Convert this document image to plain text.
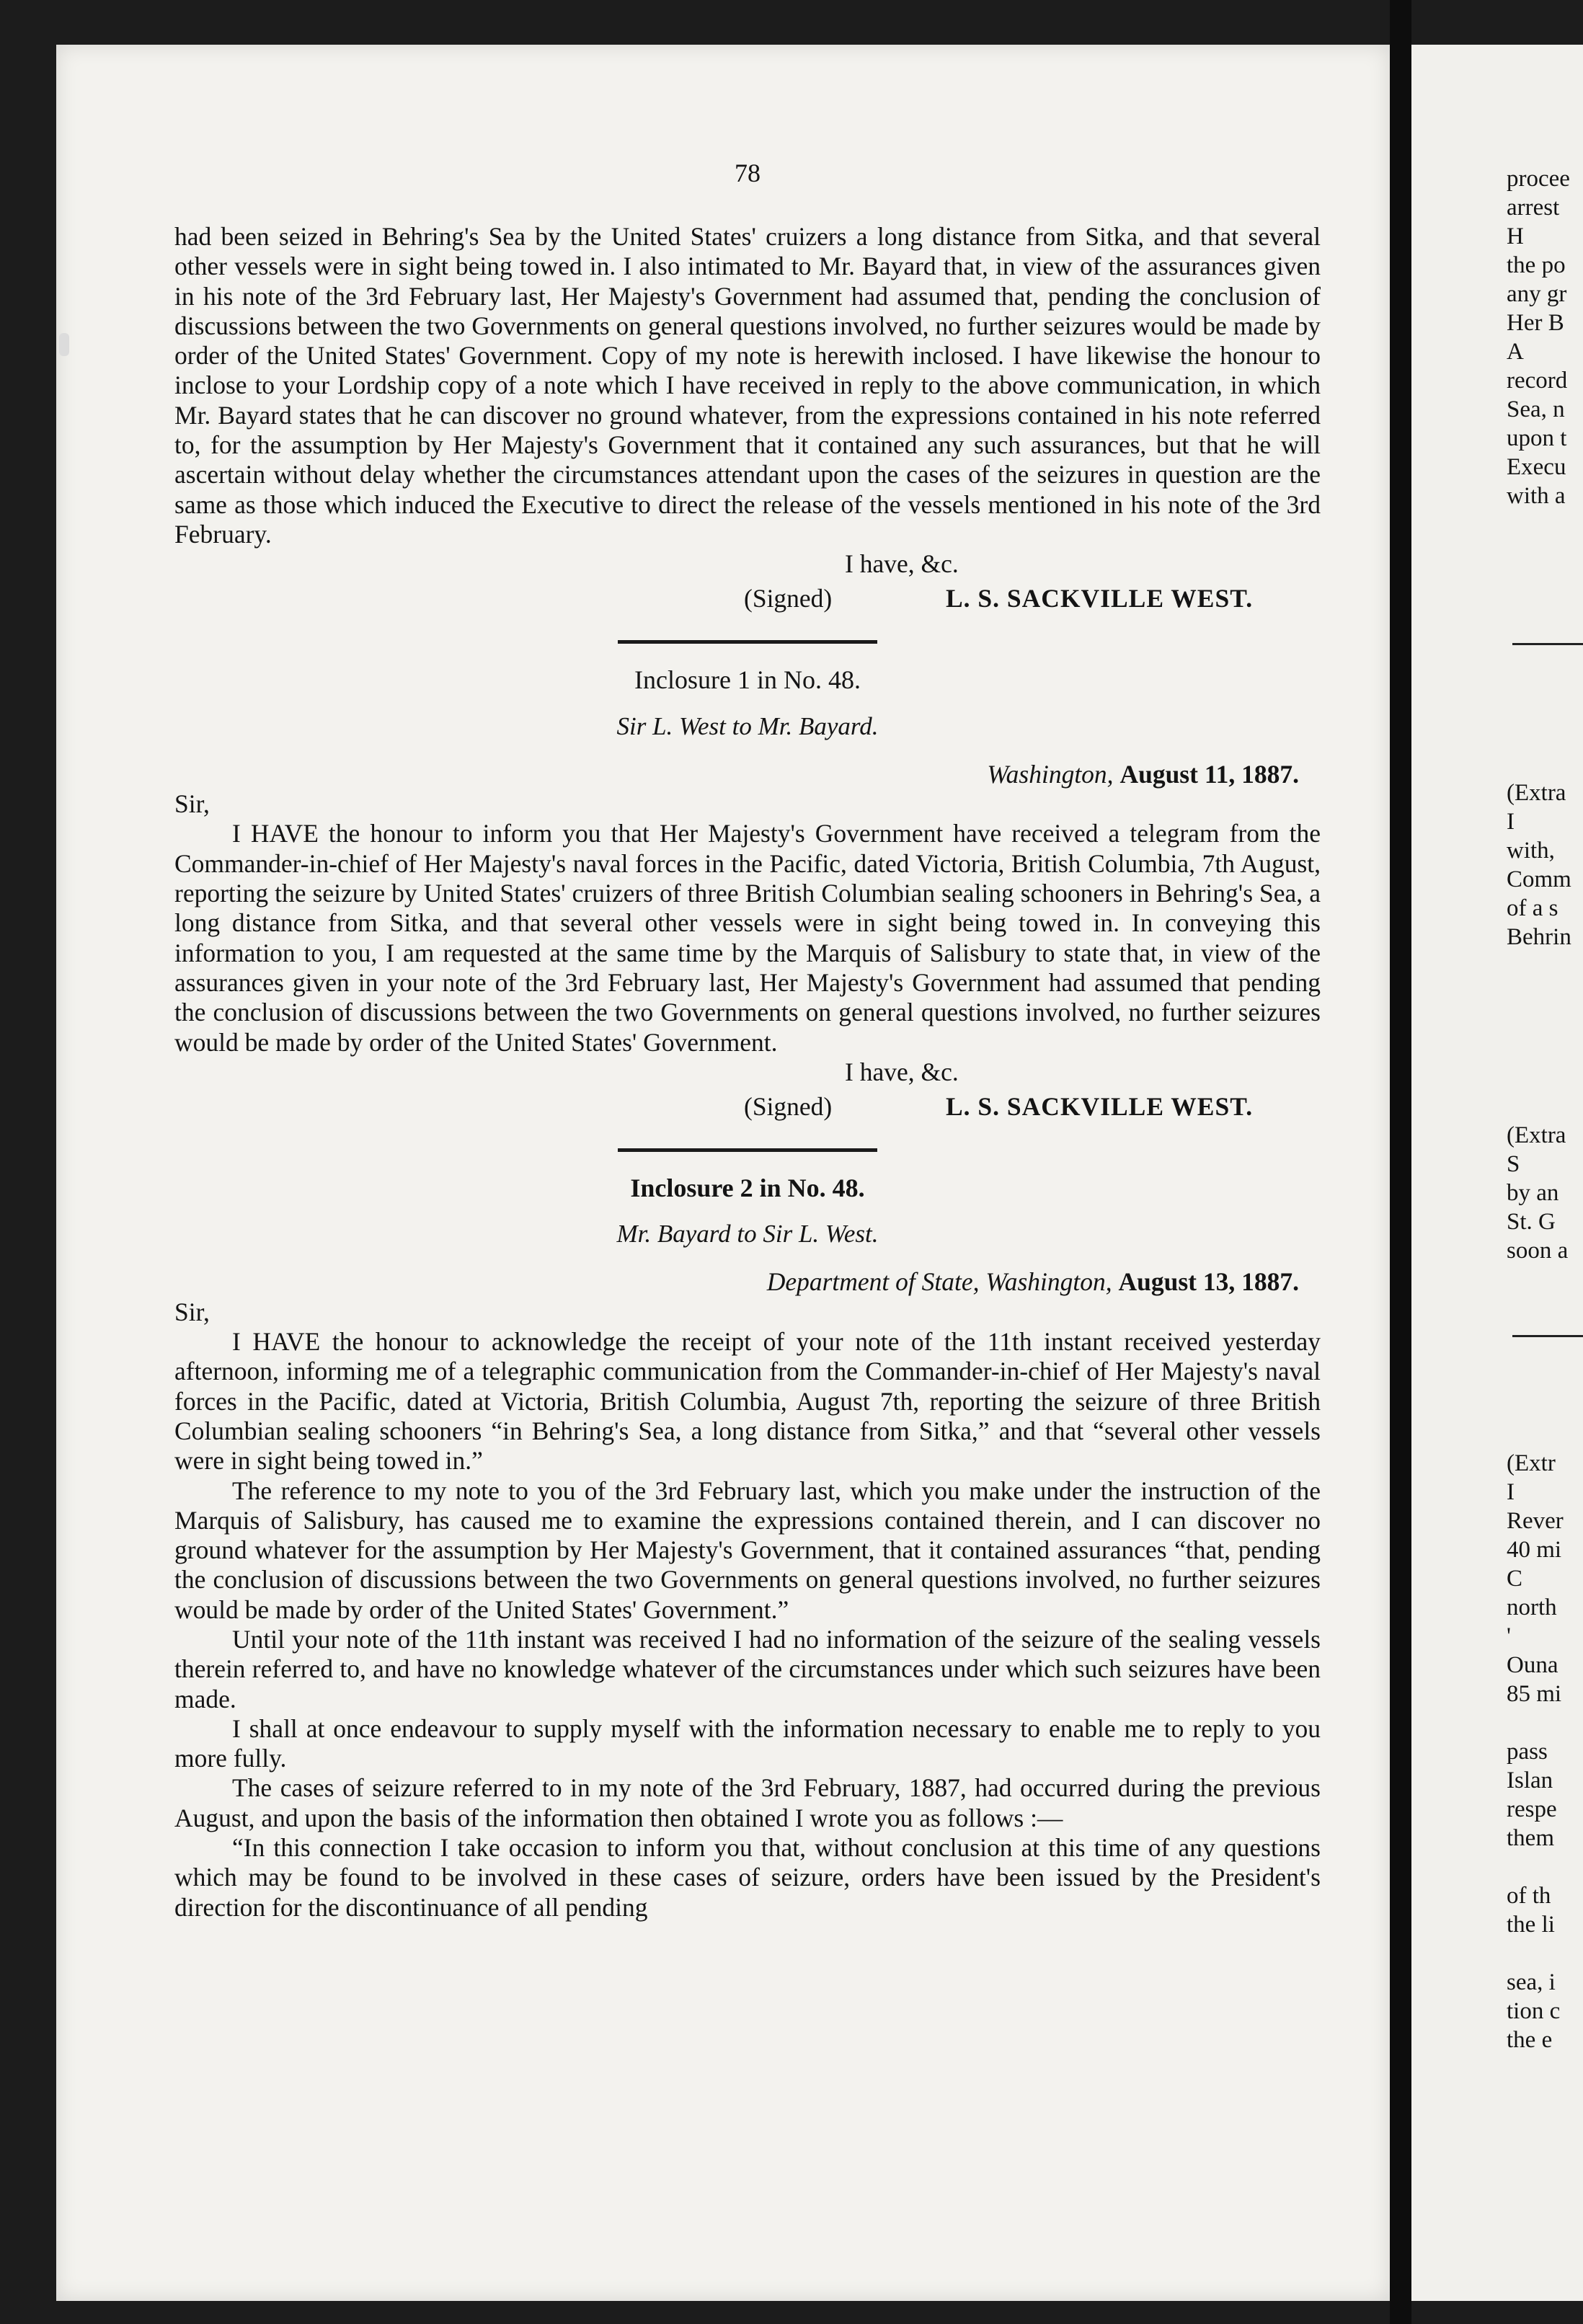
procee
arrest
H
the po
any gr
Her B
A
record
Sea, n
upon t
Execu
with a
(Extra
I
with,
Comm
of a s
Behrin
(Extra
S
by an
St. G
soon a
(Extr
I
Rever
40 mi
C
north
'
Ouna
85 mi
pass
Islan
respe
them
of th
the li
sea, i
tion c
the e
78

had been seized in Behring's Sea by the United States' cruizers a long distance from Sitka, and that several other vessels were in sight being towed in. I also intimated to Mr. Bayard that, in view of the assurances given in his note of the 3rd February last, Her Majesty's Government had assumed that, pending the conclusion of discussions between the two Governments on general questions involved, no further seizures would be made by order of the United States' Government. Copy of my note is herewith inclosed. I have likewise the honour to inclose to your Lordship copy of a note which I have received in reply to the above communication, in which Mr. Bayard states that he can discover no ground whatever, from the expressions contained in his note referred to, for the assumption by Her Majesty's Government that it contained any such assurances, but that he will ascertain without delay whether the circumstances attendant upon the cases of the seizures in question are the same as those which induced the Executive to direct the release of the vessels mentioned in his note of the 3rd February.

I have, &c.
(Signed)	L. S. SACKVILLE WEST.
Inclosure 1 in No. 48.
Sir L. West to Mr. Bayard.
Washington, August 11, 1887.

Sir,

I HAVE the honour to inform you that Her Majesty's Government have received a telegram from the Commander-in-chief of Her Majesty's naval forces in the Pacific, dated Victoria, British Columbia, 7th August, reporting the seizure by United States' cruizers of three British Columbian sealing schooners in Behring's Sea, a long distance from Sitka, and that several other vessels were in sight being towed in. In conveying this information to you, I am requested at the same time by the Marquis of Salisbury to state that, in view of the assurances given in your note of the 3rd February last, Her Majesty's Government had assumed that pending the conclusion of discussions between the two Governments on general questions involved, no further seizures would be made by order of the United States' Government.

I have, &c.
(Signed)	L. S. SACKVILLE WEST.
Inclosure 2 in No. 48.
Mr. Bayard to Sir L. West.
Department of State, Washington, August 13, 1887.

Sir,

I HAVE the honour to acknowledge the receipt of your note of the 11th instant received yesterday afternoon, informing me of a telegraphic communication from the Commander-in-chief of Her Majesty's naval forces in the Pacific, dated at Victoria, British Columbia, August 7th, reporting the seizure of three British Columbian sealing schooners “in Behring's Sea, a long distance from Sitka,” and that “several other vessels were in sight being towed in.”

The reference to my note to you of the 3rd February last, which you make under the instruction of the Marquis of Salisbury, has caused me to examine the expressions contained therein, and I can discover no ground whatever for the assumption by Her Majesty's Government, that it contained assurances “that, pending the conclusion of discussions between the two Governments on general questions involved, no further seizures would be made by order of the United States' Government.”

Until your note of the 11th instant was received I had no information of the seizure of the sealing vessels therein referred to, and have no knowledge whatever of the circumstances under which such seizures have been made.

I shall at once endeavour to supply myself with the information necessary to enable me to reply to you more fully.

The cases of seizure referred to in my note of the 3rd February, 1887, had occurred during the previous August, and upon the basis of the information then obtained I wrote you as follows :—

“In this connection I take occasion to inform you that, without conclusion at this time of any questions which may be found to be involved in these cases of seizure, orders have been issued by the President's direction for the discontinuance of all pending
